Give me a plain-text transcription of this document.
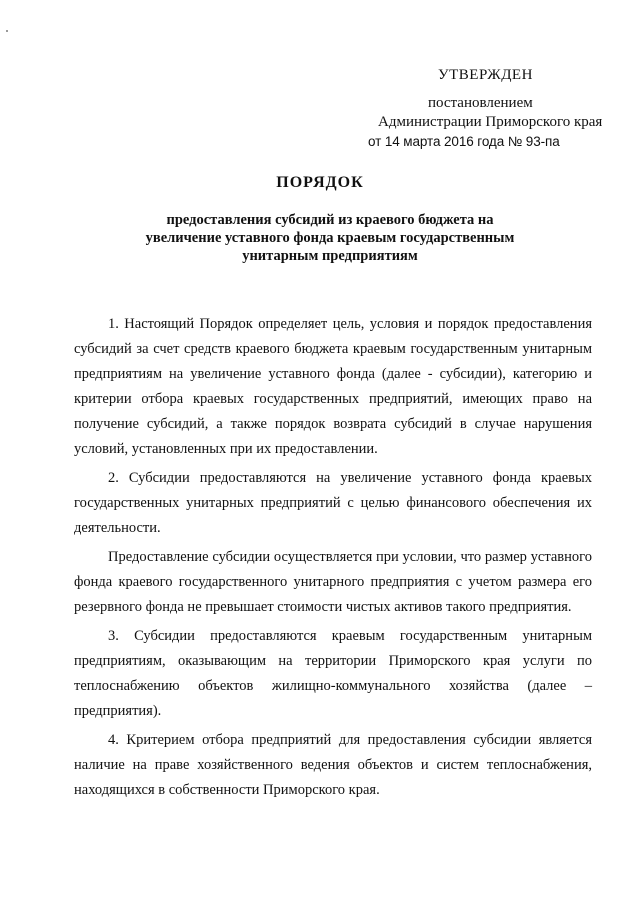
УТВЕРЖДЕН
постановлением
Администрации Приморского края
от 14 марта 2016 года № 93-па
ПОРЯДОК
предоставления субсидий из краевого бюджета на
увеличение уставного фонда краевым государственным
унитарным предприятиям

1. Настоящий Порядок определяет цель, условия и порядок предоставления субсидий за счет средств краевого бюджета краевым государственным унитарным предприятиям на увеличение уставного фонда (далее - субсидии), категорию и критерии отбора краевых государственных предприятий, имеющих право на получение субсидий, а также порядок возврата субсидий в случае нарушения условий, установленных при их предоставлении.

2. Субсидии предоставляются на увеличение уставного фонда краевых государственных унитарных предприятий с целью финансового обеспечения их деятельности.

Предоставление субсидии осуществляется при условии, что размер уставного фонда краевого государственного унитарного предприятия с учетом размера его резервного фонда не превышает стоимости чистых активов такого предприятия.

3. Субсидии предоставляются краевым государственным унитарным предприятиям, оказывающим на территории Приморского края услуги по теплоснабжению объектов жилищно-коммунального хозяйства (далее – предприятия).

4. Критерием отбора предприятий для предоставления субсидии является наличие на праве хозяйственного ведения объектов и систем теплоснабжения, находящихся в собственности Приморского края.
